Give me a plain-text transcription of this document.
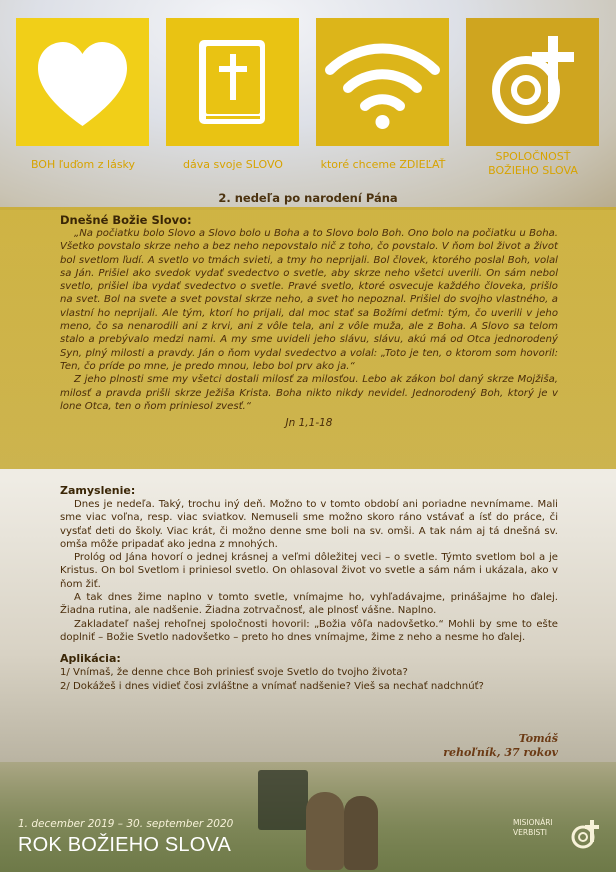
BOH ľuďom z lásky	dáva svoje SLOVO	ktoré chceme ZDIEĽAŤ
SPOLOČNOSŤ
BOŽIEHO SLOVA
2. nedeľa po narodení Pána
Dnešné Božie Slovo:

„Na počiatku bolo Slovo a Slovo bolo u Boha a to Slovo bolo Boh. Ono bolo na počiatku u Boha. Všetko povstalo skrze neho a bez neho nepovstalo nič z toho, čo povstalo. V ňom bol život a život bol svetlom ľudí. A svetlo vo tmách svieti, a tmy ho neprijali. Bol človek, ktorého poslal Boh, volal sa Ján. Prišiel ako svedok vydať svedectvo o svetle, aby skrze neho všetci uverili. On sám nebol svetlo, prišiel iba vydať svedectvo o svetle. Pravé svetlo, ktoré osvecuje každého človeka, prišlo na svet. Bol na svete a svet povstal skrze neho, a svet ho nepoznal. Prišiel do svojho vlastného, a vlastní ho neprijali. Ale tým, ktorí ho prijali, dal moc stať sa Božími deťmi: tým, čo uverili v jeho meno, čo sa nenarodili ani z krvi, ani z vôle tela, ani z vôle muža, ale z Boha. A Slovo sa telom stalo a prebývalo medzi nami. A my sme uvideli jeho slávu, slávu, akú má od Otca jednorodený Syn, plný milosti a pravdy. Ján o ňom vydal svedectvo a volal: „Toto je ten, o ktorom som hovoril: Ten, čo príde po mne, je predo mnou, lebo bol prv ako ja.“

Z jeho plnosti sme my všetci dostali milosť za milosťou. Lebo ak zákon bol daný skrze Mojžiša, milosť a pravda prišli skrze Ježiša Krista. Boha nikto nikdy nevidel. Jednorodený Boh, ktorý je v lone Otca, ten o ňom priniesol zvesť.“

Jn 1,1-18
Zamyslenie:

Dnes je nedeľa. Taký, trochu iný deň. Možno to v tomto období ani poriadne nevnímame. Mali sme viac voľna, resp. viac sviatkov. Nemuseli sme možno skoro ráno vstávať a ísť do práce, či vysťať deti do školy. Viac krát, či možno denne sme boli na sv. omši. A tak nám aj tá dnešná sv. omša môže pripadať ako jedna z mnohých.

Prológ od Jána hovorí o jednej krásnej a veľmi dôležitej veci – o svetle. Týmto svetlom bol a je Kristus. On bol Svetlom i priniesol svetlo. On ohlasoval život vo svetle a sám nám i ukázala, ako v ňom žiť.

A tak dnes žime naplno v tomto svetle, vnímajme ho, vyhľadávajme, prinášajme ho ďalej. Žiadna rutina, ale nadšenie. Žiadna zotrvačnosť, ale plnosť vášne. Naplno.

Zakladateľ našej rehoľnej spoločnosti hovoril: „Božia vôľa nadovšetko.“ Mohli by sme to ešte doplniť – Božie Svetlo nadovšetko – preto ho dnes vnímajme, žime z neho a nesme ho ďalej.

Aplikácia:

1/ Vnímaš, že denne chce Boh priniesť svoje Svetlo do tvojho života?

2/ Dokážeš i dnes vidieť čosi zvláštne a vnímať nadšenie? Vieš sa nechať nadchnúť?

Tomáš
rehoľník, 37 rokov
1. december 2019 – 30. september 2020
ROK BOŽIEHO SLOVA
MISIONÁRI
VERBISTI
